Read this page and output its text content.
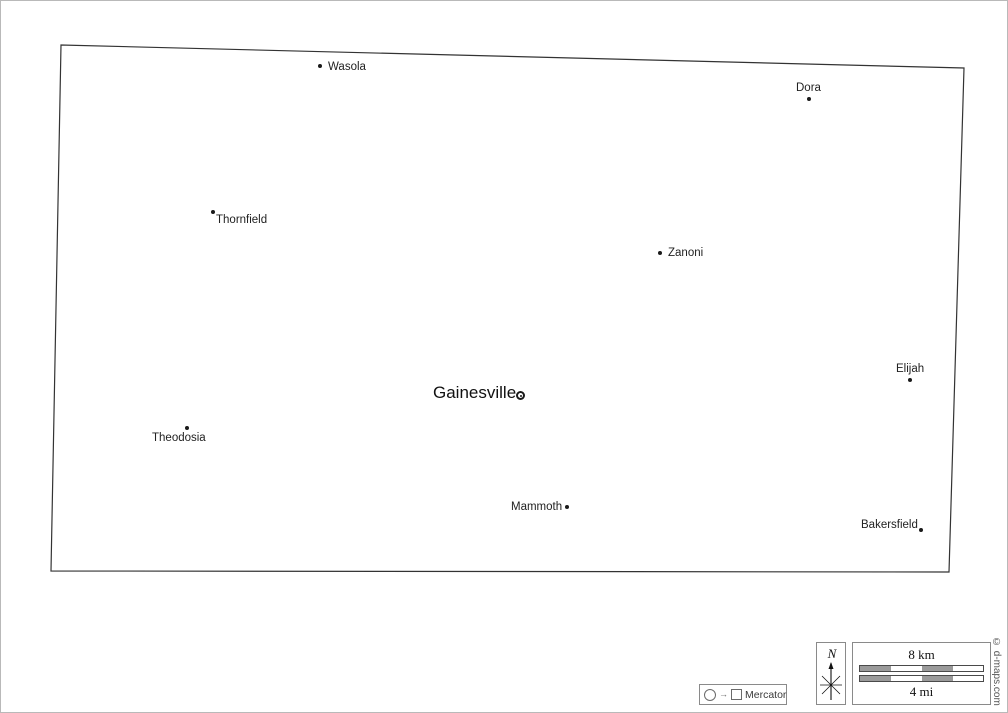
Wasola
Dora
Thornfield
Zanoni
Elijah
Theodosia
Mammoth
Bakersfield
Gainesville
→ Mercator
N	8 km
4 mi	© d-maps.com
